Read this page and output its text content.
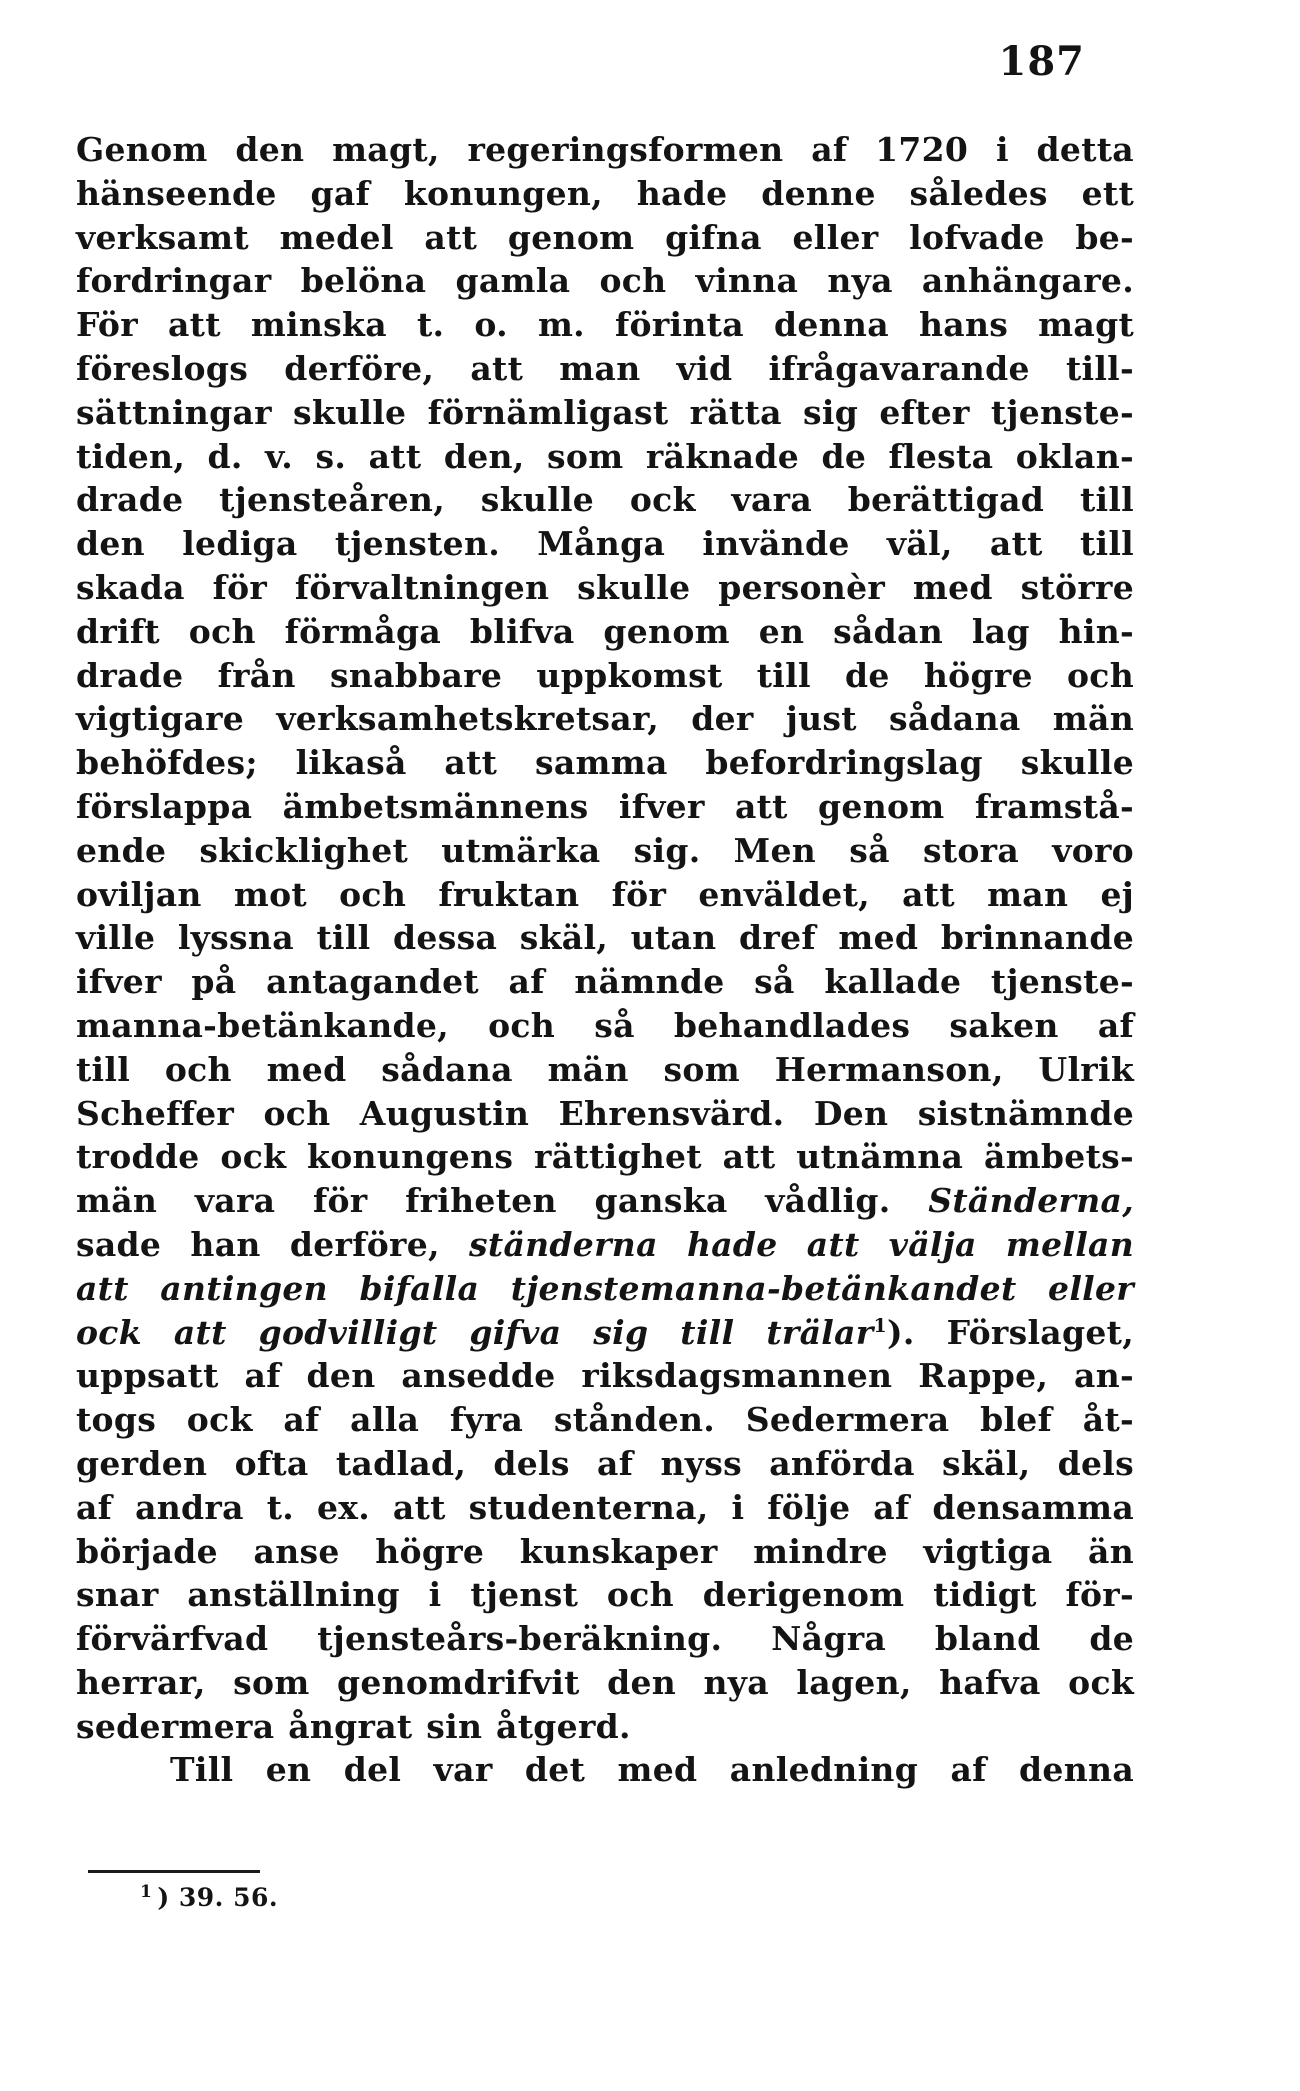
187
Genom den magt, regeringsformen af 1720 i detta
hänseende gaf konungen, hade denne således ett
verksamt medel att genom gifna eller lofvade be-
fordringar belöna gamla och vinna nya anhängare.
För att minska t. o. m. förinta denna hans magt
föreslogs derföre, att man vid ifrågavarande till-
sättningar skulle förnämligast rätta sig efter tjenste-
tiden, d. v. s. att den, som räknade de flesta oklan-
drade tjensteåren, skulle ock vara berättigad till
den lediga tjensten. Många invände väl, att till
skada för förvaltningen skulle personèr med större
drift och förmåga blifva genom en sådan lag hin-
drade från snabbare uppkomst till de högre och
vigtigare verksamhetskretsar, der just sådana män
behöfdes; likaså att samma befordringslag skulle
förslappa ämbetsmännens ifver att genom framstå-
ende skicklighet utmärka sig. Men så stora voro
oviljan mot och fruktan för enväldet, att man ej
ville lyssna till dessa skäl, utan dref med brinnande
ifver på antagandet af nämnde så kallade tjenste-
manna-betänkande, och så behandlades saken af
till och med sådana män som Hermanson, Ulrik
Scheffer och Augustin Ehrensvärd. Den sistnämnde
trodde ock konungens rättighet att utnämna ämbets-
män vara för friheten ganska vådlig. Ständerna,
sade han derföre, ständerna hade att välja mellan
att antingen bifalla tjenstemanna-betänkandet eller
ock att godvilligt gifva sig till trälar$^1$). Förslaget,
uppsatt af den ansedde riksdagsmannen Rappe, an-
togs ock af alla fyra stånden. Sedermera blef åt-
gerden ofta tadlad, dels af nyss anförda skäl, dels
af andra t. ex. att studenterna, i följe af densamma
började anse högre kunskaper mindre vigtiga än
snar anställning i tjenst och derigenom tidigt för-
förvärfvad tjensteårs-beräkning. Några bland de
herrar, som genomdrifvit den nya lagen, hafva ock
sedermera ångrat sin åtgerd.
Till en del var det med anledning af denna
$^1$ ) 39. 56.
